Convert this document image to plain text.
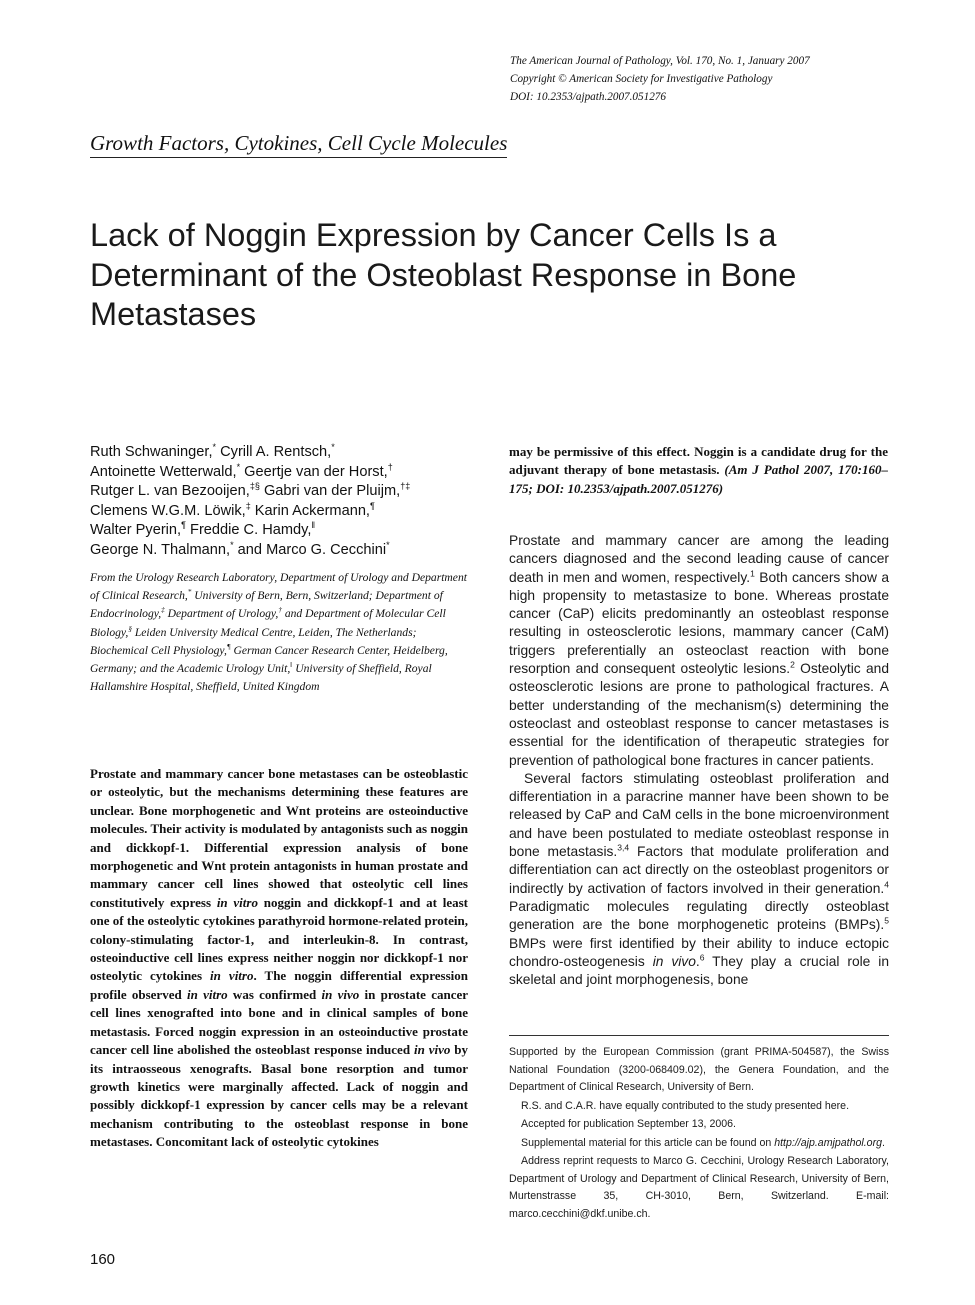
The American Journal of Pathology, Vol. 170, No. 1, January 2007
Copyright © American Society for Investigative Pathology
DOI: 10.2353/ajpath.2007.051276
Growth Factors, Cytokines, Cell Cycle Molecules
Lack of Noggin Expression by Cancer Cells Is a Determinant of the Osteoblast Response in Bone Metastases
Ruth Schwaninger,* Cyrill A. Rentsch,*
Antoinette Wetterwald,* Geertje van der Horst,†
Rutger L. van Bezooijen,‡§ Gabri van der Pluijm,†‡
Clemens W.G.M. Löwik,‡ Karin Ackermann,¶
Walter Pyerin,¶ Freddie C. Hamdy,‖
George N. Thalmann,* and Marco G. Cecchini*
From the Urology Research Laboratory, Department of Urology and Department of Clinical Research,* University of Bern, Bern, Switzerland; Department of Endocrinology,‡ Department of Urology,† and Department of Molecular Cell Biology,§ Leiden University Medical Centre, Leiden, The Netherlands; Biochemical Cell Physiology,¶ German Cancer Research Center, Heidelberg, Germany; and the Academic Urology Unit,‖ University of Sheffield, Royal Hallamshire Hospital, Sheffield, United Kingdom
Prostate and mammary cancer bone metastases can be osteoblastic or osteolytic, but the mechanisms determining these features are unclear. Bone morphogenetic and Wnt proteins are osteoinductive molecules. Their activity is modulated by antagonists such as noggin and dickkopf-1. Differential expression analysis of bone morphogenetic and Wnt protein antagonists in human prostate and mammary cancer cell lines showed that osteolytic cell lines constitutively express in vitro noggin and dickkopf-1 and at least one of the osteolytic cytokines parathyroid hormone-related protein, colony-stimulating factor-1, and interleukin-8. In contrast, osteoinductive cell lines express neither noggin nor dickkopf-1 nor osteolytic cytokines in vitro. The noggin differential expression profile observed in vitro was confirmed in vivo in prostate cancer cell lines xenografted into bone and in clinical samples of bone metastasis. Forced noggin expression in an osteoinductive prostate cancer cell line abolished the osteoblast response induced in vivo by its intraosseous xenografts. Basal bone resorption and tumor growth kinetics were marginally affected. Lack of noggin and possibly dickkopf-1 expression by cancer cells may be a relevant mechanism contributing to the osteoblast response in bone metastases. Concomitant lack of osteolytic cytokines
may be permissive of this effect. Noggin is a candidate drug for the adjuvant therapy of bone metastasis. (Am J Pathol 2007, 170:160–175; DOI: 10.2353/ajpath.2007.051276)

Prostate and mammary cancer are among the leading cancers diagnosed and the second leading cause of cancer death in men and women, respectively.$^1$ Both cancers show a high propensity to metastasize to bone. Whereas prostate cancer (CaP) elicits predominantly an osteoblast response resulting in osteosclerotic lesions, mammary cancer (CaM) triggers preferentially an osteoclast reaction with bone resorption and consequent osteolytic lesions.$^2$ Osteolytic and osteosclerotic lesions are prone to pathological fractures. A better understanding of the mechanism(s) determining the osteoclast and osteoblast response to cancer metastases is essential for the identification of therapeutic strategies for prevention of pathological bone fractures in cancer patients.

Several factors stimulating osteoblast proliferation and differentiation in a paracrine manner have been shown to be released by CaP and CaM cells in the bone microenvironment and have been postulated to mediate osteoblast response in bone metastasis.$^{3,4}$ Factors that modulate proliferation and differentiation can act directly on the osteoblast progenitors or indirectly by activation of factors involved in their generation.$^4$ Paradigmatic molecules regulating directly osteoblast generation are the bone morphogenetic proteins (BMPs).$^5$ BMPs were first identified by their ability to induce ectopic chondro-osteogenesis in vivo.$^6$ They play a crucial role in skeletal and joint morphogenesis, bone

Supported by the European Commission (grant PRIMA-504587), the Swiss National Foundation (3200-068409.02), the Genera Foundation, and the Department of Clinical Research, University of Bern.

R.S. and C.A.R. have equally contributed to the study presented here.

Accepted for publication September 13, 2006.

Supplemental material for this article can be found on http://ajp.amjpathol.org.

Address reprint requests to Marco G. Cecchini, Urology Research Laboratory, Department of Urology and Department of Clinical Research, University of Bern, Murtenstrasse 35, CH-3010, Bern, Switzerland. E-mail: marco.cecchini@dkf.unibe.ch.

160
